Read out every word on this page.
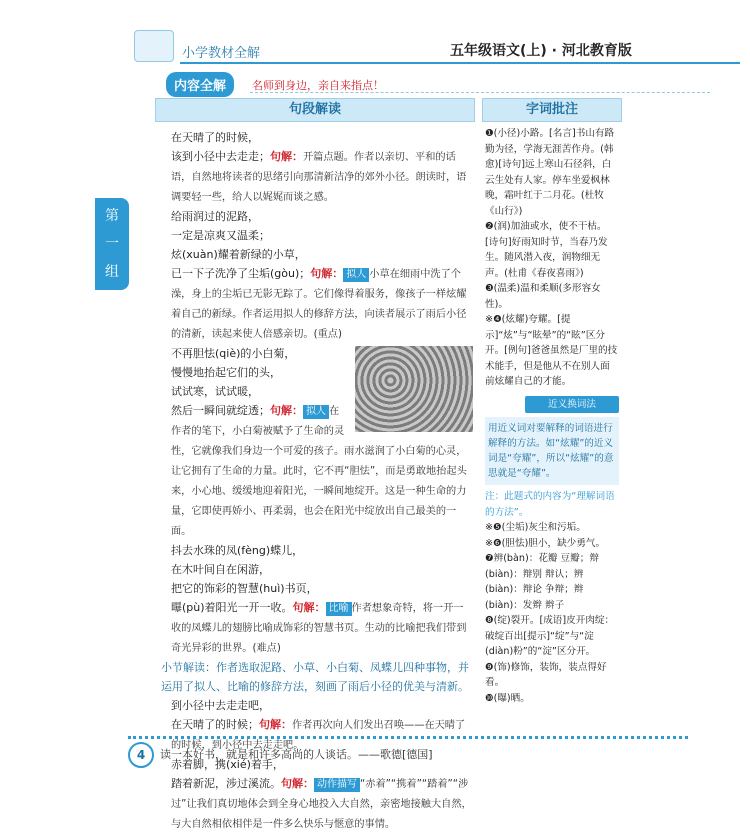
小学教材全解	五年级语文(上) · 河北教育版
内容全解	名师到身边，亲自来指点！
第
一
组
句段解读

在天晴了的时候，

该到小径中去走走；句解：开篇点题。作者以亲切、平和的话语，自然地将读者的思绪引向那清新洁净的郊外小径。朗读时，语调要轻一些，给人以娓娓而谈之感。

给雨润过的泥路，

一定是凉爽又温柔；

炫(xuàn)耀着新绿的小草，

已一下子洗净了尘垢(gòu)；句解： 拟人 小草在细雨中洗了个澡，身上的尘垢已无影无踪了。它们像得着服务，像孩子一样炫耀着自己的新绿。作者运用拟人的修辞方法，向读者展示了雨后小径的清新，读起来使人倍感亲切。(重点)

不再胆怯(qiè)的小白菊，

慢慢地抬起它们的头，

试试寒，试试暖，

然后一瞬间就绽透；句解： 拟人 在作者的笔下，小白菊被赋予了生命的灵性，它就像我们身边一个可爱的孩子。雨水滋润了小白菊的心灵，让它拥有了生命的力量。此时，它不再“胆怯”，而是勇敢地抬起头来，小心地、缓缓地迎着阳光，一瞬间地绽开。这是一种生命的力量，它即使再娇小、再柔弱，也会在阳光中绽放出自己最美的一面。

抖去水珠的凤(fèng)蝶儿，

在木叶间自在闲游，

把它的饰彩的智慧(huì)书页，

曝(pù)着阳光一开一收。句解： 比喻 作者想象奇特，将一开一收的凤蝶儿的翅膀比喻成饰彩的智慧书页。生动的比喻把我们带到奇光异彩的世界。(难点)

小节解读：作者选取泥路、小草、小白菊、凤蝶儿四种事物，并运用了拟人、比喻的修辞方法，刻画了雨后小径的优美与清新。

到小径中去走走吧，

在天晴了的时候；句解：作者再次向人们发出召唤——在天晴了的时候，到小径中去走走吧。

赤着脚，携(xié)着手，

踏着新泥，涉过溪流。句解： 动作描写 “赤着”“携着”“踏着”“涉过”让我们真切地体会到全身心地投入大自然，亲密地接触大自然，与大自然相依相伴是一件多么快乐与惬意的事情。

字词批注

❶(小径)小路。[名言]书山有路勤为径，学海无涯苦作舟。(韩愈)[诗句]远上寒山石径斜，白云生处有人家。停车坐爱枫林晚，霜叶红于二月花。(杜牧《山行》)

❷(润)加油或水，使不干枯。[诗句]好雨知时节，当春乃发生。随风潜入夜，润物细无声。(杜甫《春夜喜雨》)

❸(温柔)温和柔顺(多形容女性)。

※❹(炫耀)夸耀。[提示]“炫”与“眩晕”的“眩”区分开。[例句]爸爸虽然是厂里的技术能手，但是他从不在别人面前炫耀自己的才能。

近义换词法
用近义词对要解释的词语进行解释的方法。如“炫耀”的近义词是“夸耀”，所以“炫耀”的意思就是“夸耀”。

注：此题式的内容为“理解词语的方法”。

※❺(尘垢)灰尘和污垢。

※❻(胆怯)胆小，缺少勇气。

❼辨(bàn)：花瓣 豆瓣；辩(biàn)：辩别 辩认；辨(biàn)：辩论 争辩；辫(biàn)：发辫 辫子

❽(绽)裂开。[成语]皮开肉绽：破绽百出[提示]“绽”与“淀(diàn)粉”的“淀”区分开。

❾(饰)修饰，装饰，装点得好看。

❿(曝)晒。

4	读一本好书，就是和许多高尚的人谈话。——歌德[德国]
